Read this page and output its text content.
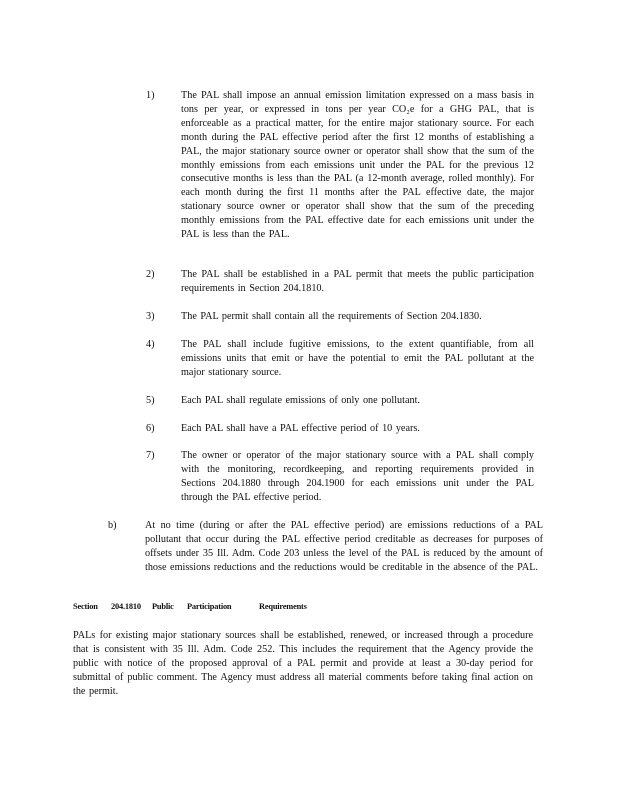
1)	The PAL shall impose an annual emission limitation expressed on a mass basis in tons per year, or expressed in tons per year CO₂e for a GHG PAL, that is enforceable as a practical matter, for the entire major stationary source. For each month during the PAL effective period after the first 12 months of establishing a PAL, the major stationary source owner or operator shall show that the sum of the monthly emissions from each emissions unit under the PAL for the previous 12 consecutive months is less than the PAL (a 12-month average, rolled monthly). For each month during the first 11 months after the PAL effective date, the major stationary source owner or operator shall show that the sum of the preceding monthly emissions from the PAL effective date for each emissions unit under the PAL is less than the PAL.
2)	The PAL shall be established in a PAL permit that meets the public participation requirements in Section 204.1810.
3)	The PAL permit shall contain all the requirements of Section 204.1830.
4)	The PAL shall include fugitive emissions, to the extent quantifiable, from all emissions units that emit or have the potential to emit the PAL pollutant at the major stationary source.
5)	Each PAL shall regulate emissions of only one pollutant.
6)	Each PAL shall have a PAL effective period of 10 years.
7)	The owner or operator of the major stationary source with a PAL shall comply with the monitoring, recordkeeping, and reporting requirements provided in Sections 204.1880 through 204.1900 for each emissions unit under the PAL through the PAL effective period.
b)	At no time (during or after the PAL effective period) are emissions reductions of a PAL pollutant that occur during the PAL effective period creditable as decreases for purposes of offsets under 35 Ill. Adm. Code 203 unless the level of the PAL is reduced by the amount of those emissions reductions and the reductions would be creditable in the absence of the PAL.
Section 204.1810 Public Participation	Requirements
PALs for existing major stationary sources shall be established, renewed, or increased through a procedure that is consistent with 35 Ill. Adm. Code 252. This includes the requirement that the Agency provide the public with notice of the proposed approval of a PAL permit and provide at least a 30-day period for submittal of public comment. The Agency must address all material comments before taking final action on the permit.
